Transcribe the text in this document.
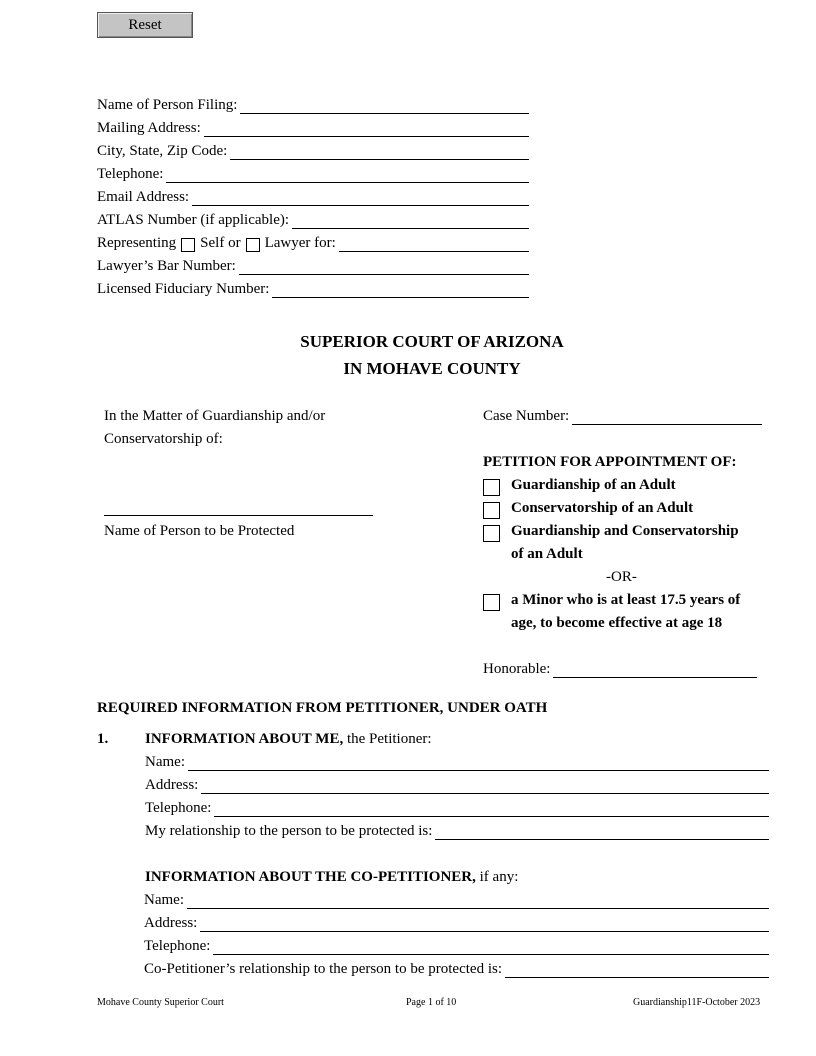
Reset
Name of Person Filing:
Mailing Address:
City, State, Zip Code:
Telephone:
Email Address:
ATLAS Number (if applicable):
Representing Self or Lawyer for:
Lawyer’s Bar Number:
Licensed Fiduciary Number:
SUPERIOR COURT OF ARIZONA
IN MOHAVE COUNTY
In the Matter of Guardianship and/or
Conservatorship of:
Name of Person to be Protected
Case Number:
PETITION FOR APPOINTMENT OF:
Guardianship of an Adult
Conservatorship of an Adult
Guardianship and Conservatorship
of an Adult
-OR-
a Minor who is at least 17.5 years of
age, to become effective at age 18
Honorable:
REQUIRED INFORMATION FROM PETITIONER, UNDER OATH
1. INFORMATION ABOUT ME, the Petitioner:
Name:
Address:
Telephone:
My relationship to the person to be protected is:
INFORMATION ABOUT THE CO-PETITIONER, if any:
Name:
Address:
Telephone:
Co-Petitioner’s relationship to the person to be protected is:
Mohave County Superior Court	Page 1 of 10	Guardianship11F-October 2023
